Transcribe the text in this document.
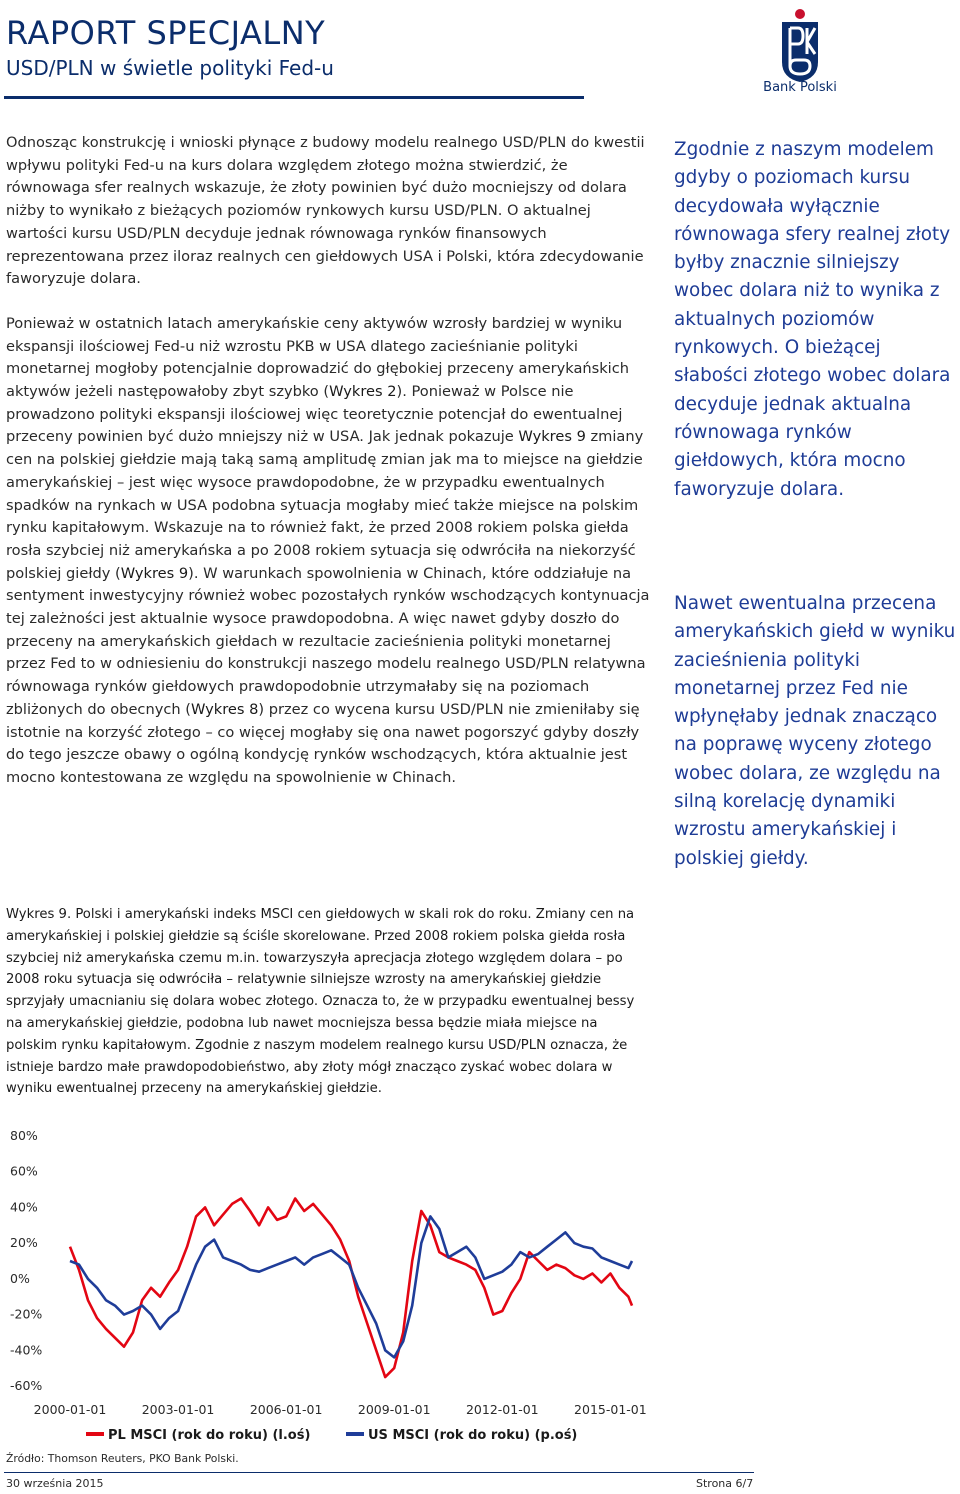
RAPORT SPECJALNY
USD/PLN w świetle polityki Fed-u
Bank Polski

Odnosząc konstrukcję i wnioski płynące z budowy modelu realnego USD/PLN do kwestii wpływu polityki Fed-u na kurs dolara względem złotego można stwierdzić, że równowaga sfer realnych wskazuje, że złoty powinien być dużo mocniejszy od dolara niżby to wynikało z bieżących poziomów rynkowych kursu USD/PLN. O aktualnej wartości kursu USD/PLN decyduje jednak równowaga rynków finansowych reprezentowana przez iloraz realnych cen giełdowych USA i Polski, która zdecydowanie faworyzuje dolara.

Ponieważ w ostatnich latach amerykańskie ceny aktywów wzrosły bardziej w wyniku ekspansji ilościowej Fed-u niż wzrostu PKB w USA dlatego zacieśnianie polityki monetarnej mogłoby potencjalnie doprowadzić do głębokiej przeceny amerykańskich aktywów jeżeli następowałoby zbyt szybko (Wykres 2). Ponieważ w Polsce nie prowadzono polityki ekspansji ilościowej więc teoretycznie potencjał do ewentualnej przeceny powinien być dużo mniejszy niż w USA. Jak jednak pokazuje Wykres 9 zmiany cen na polskiej giełdzie mają taką samą amplitudę zmian jak ma to miejsce na giełdzie amerykańskiej – jest więc wysoce prawdopodobne, że w przypadku ewentualnych spadków na rynkach w USA podobna sytuacja mogłaby mieć także miejsce na polskim rynku kapitałowym. Wskazuje na to również fakt, że przed 2008 rokiem polska giełda rosła szybciej niż amerykańska a po 2008 rokiem sytuacja się odwróciła na niekorzyść polskiej giełdy (Wykres 9). W warunkach spowolnienia w Chinach, które oddziałuje na sentyment inwestycyjny również wobec pozostałych rynków wschodzących kontynuacja tej zależności jest aktualnie wysoce prawdopodobna. A więc nawet gdyby doszło do przeceny na amerykańskich giełdach w rezultacie zacieśnienia polityki monetarnej przez Fed to w odniesieniu do konstrukcji naszego modelu realnego USD/PLN relatywna równowaga rynków giełdowych prawdopodobnie utrzymałaby się na poziomach zbliżonych do obecnych (Wykres 8) przez co wycena kursu USD/PLN nie zmieniłaby się istotnie na korzyść złotego – co więcej mogłaby się ona nawet pogorszyć gdyby doszły do tego jeszcze obawy o ogólną kondycję rynków wschodzących, która aktualnie jest mocno kontestowana ze względu na spowolnienie w Chinach.

Zgodnie z naszym modelem gdyby o poziomach kursu decydowała wyłącznie równowaga sfery realnej złoty byłby znacznie silniejszy wobec dolara niż to wynika z aktualnych poziomów rynkowych. O bieżącej słabości złotego wobec dolara decyduje jednak aktualna równowaga rynków giełdowych, która mocno faworyzuje dolara.
Nawet ewentualna przecena amerykańskich giełd w wyniku zacieśnienia polityki monetarnej przez Fed nie wpłynęłaby jednak znacząco na poprawę wyceny złotego wobec dolara, ze względu na silną korelację dynamiki wzrostu amerykańskiej i polskiej giełdy.
Wykres 9. Polski i amerykański indeks MSCI cen giełdowych w skali rok do roku. Zmiany cen na amerykańskiej i polskiej giełdzie są ściśle skorelowane. Przed 2008 rokiem polska giełda rosła szybciej niż amerykańska czemu m.in. towarzyszyła aprecjacja złotego względem dolara – po 2008 roku sytuacja się odwróciła – relatywnie silniejsze wzrosty na amerykańskiej giełdzie sprzyjały umacnianiu się dolara wobec złotego. Oznacza to, że w przypadku ewentualnej bessy na amerykańskiej giełdzie, podobna lub nawet mocniejsza bessa będzie miała miejsce na polskim rynku kapitałowym. Zgodnie z naszym modelem realnego kursu USD/PLN oznacza, że istnieje bardzo małe prawdopodobieństwo, aby złoty mógł znacząco zyskać wobec dolara w wyniku ewentualnej przeceny na amerykańskiej giełdzie.
80%
60%
40%
20%
0%
-20%
-40%
-60%
2000-01-01	2003-01-01	2006-01-01	2009-01-01	2012-01-01	2015-01-01
PL MSCI (rok do roku) (l.oś)	US MSCI (rok do roku) (p.oś)
Źródło: Thomson Reuters, PKO Bank Polski.
30 września 2015	Strona 6/7
